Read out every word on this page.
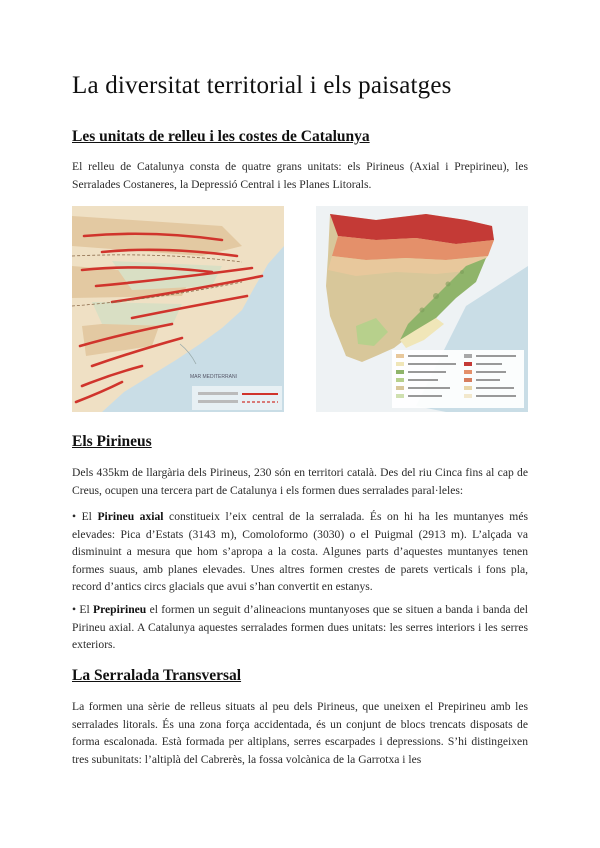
La diversitat territorial i els paisatges
Les unitats de relleu i les costes de Catalunya

El relleu de Catalunya consta de quatre grans unitats: els Pirineus (Axial i Prepirineu), les Serralades Costaneres, la Depressió Central i les Planes Litorals.

MAR MEDITERRANI
Els Pirineus

Dels 435km de llargària dels Pirineus, 230 són en territori català. Des del riu Cinca fins al cap de Creus, ocupen una tercera part de Catalunya i els formen dues serralades paral·leles:

• El Pirineu axial constitueix l’eix central de la serralada. És on hi ha les muntanyes més elevades: Pica d’Estats (3143 m), Comoloformo (3030) o el Puigmal (2913 m). L’alçada va disminuint a mesura que hom s’apropa a la costa. Algunes parts d’aquestes muntanyes tenen formes suaus, amb planes elevades. Unes altres formen crestes de parets verticals i fons pla, record d’antics circs glacials que avui s’han convertit en estanys.

• El Prepirineu el formen un seguit d’alineacions muntanyoses que se situen a banda i banda del Pirineu axial. A Catalunya aquestes serralades formen dues unitats: les serres interiors i les serres exteriors.

La Serralada Transversal

La formen una sèrie de relleus situats al peu dels Pirineus, que uneixen el Prepirineu amb les serralades litorals. És una zona força accidentada, és un conjunt de blocs trencats disposats de forma escalonada. Està formada per altiplans, serres escarpades i depressions. S’hi distingeixen tres subunitats: l’altiplà del Cabrerès, la fossa volcànica de la Garrotxa i les
